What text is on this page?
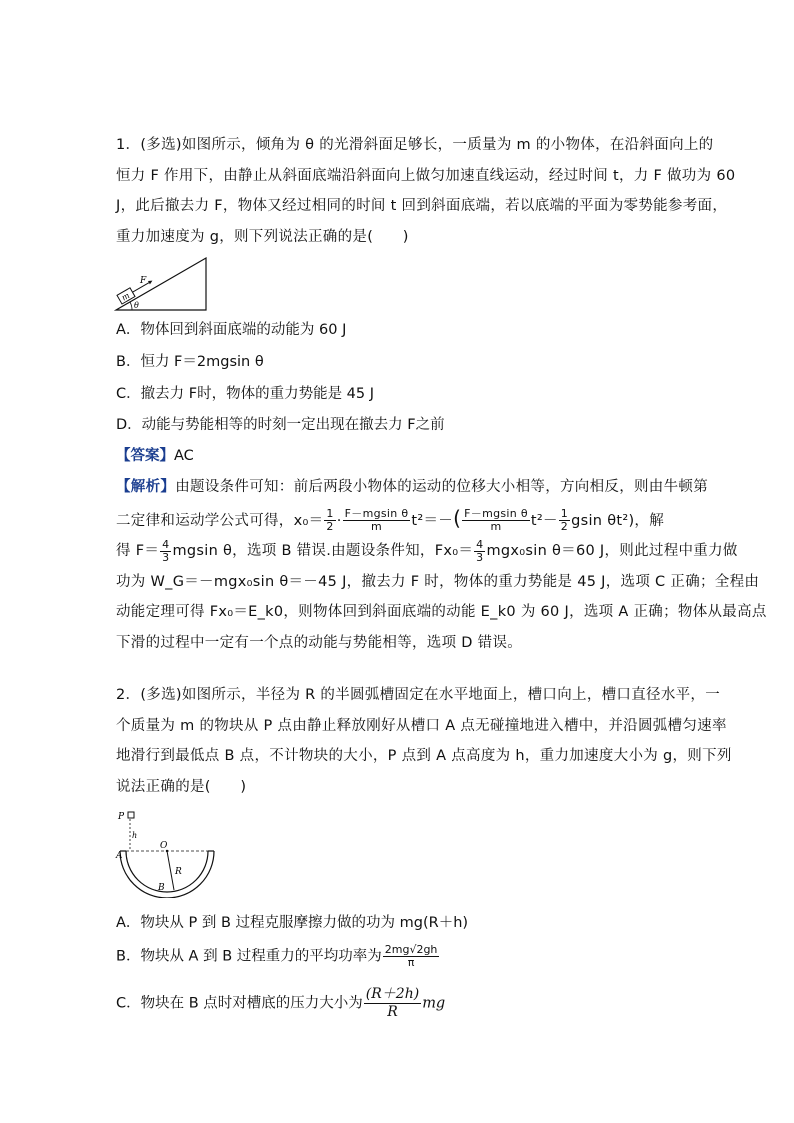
1．(多选)如图所示，倾角为 θ 的光滑斜面足够长，一质量为 m 的小物体，在沿斜面向上的
恒力 F 作用下，由静止从斜面底端沿斜面向上做匀加速直线运动，经过时间 t，力 F 做功为 60
J，此后撤去力 F，物体又经过相同的时间 t 回到斜面底端，若以底端的平面为零势能参考面，
重力加速度为 g，则下列说法正确的是(　　)
m
F
θ
A．物体回到斜面底端的动能为 60 J
B．恒力 F＝2mgsin θ
C．撤去力 F时，物体的重力势能是 45 J
D．动能与势能相等的时刻一定出现在撤去力 F之前
【答案】AC
【解析】由题设条件可知：前后两段小物体的运动的位移大小相等，方向相反，则由牛顿第
二定律和运动学公式可得，$x_0= \frac{1}{2} \cdot \frac{\text{F－mgsin θ}}{m} t^2=-( \frac{\text{F－mgsin θ}}{m} t^2- \frac{1}{2}$ gsin θt²)，解
得 $F= \frac{4}{3}$ mgsin θ，选项 B 错误.由题设条件知，$Fx_0= \frac{4}{3} mgx_0\sin$ θ＝60 J，则此过程中重力做
功为 W_G＝－mgx₀sin θ＝－45 J，撤去力 F 时，物体的重力势能是 45 J，选项 C 正确；全程由
动能定理可得 Fx₀＝E_k0，则物体回到斜面底端的动能 E_k0 为 60 J，选项 A 正确；物体从最高点
下滑的过程中一定有一个点的动能与势能相等，选项 D 错误。
2．(多选)如图所示，半径为 R 的半圆弧槽固定在水平地面上，槽口向上，槽口直径水平，一
个质量为 m 的物块从 P 点由静止释放刚好从槽口 A 点无碰撞地进入槽中，并沿圆弧槽匀速率
地滑行到最低点 B 点，不计物块的大小，P 点到 A 点高度为 h，重力加速度大小为 g，则下列
说法正确的是(　　)
P
h
A
O
R
B
A．物块从 P 到 B 过程克服摩擦力做的功为 mg(R＋h)
B．物块从 A 到 B 过程重力的平均功率为 $\frac{2mg√2gh}{\pi}$
C．物块在 B 点时对槽底的压力大小为 $\frac{(R+2h)}{R}$ mg
